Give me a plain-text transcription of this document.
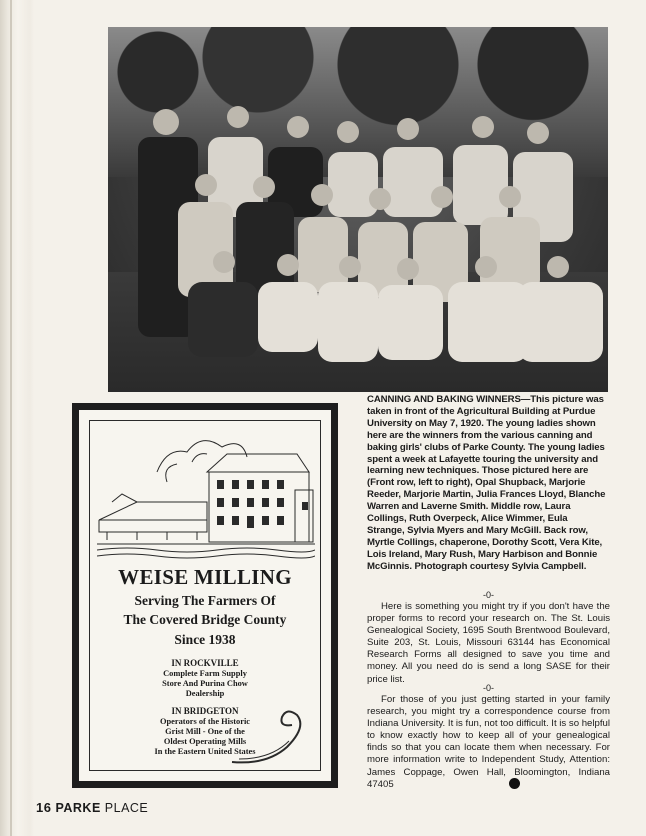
CANNING AND BAKING WINNERS—This picture was taken in front of the Agricultural Building at Purdue University on May 7, 1920. The young ladies shown here are the winners from the various canning and baking girls' clubs of Parke County. The young ladies spent a week at Lafayette touring the university and learning new techniques. Those pictured here are (Front row, left to right), Opal Shupback, Marjorie Reeder, Marjorie Martin, Julia Frances Lloyd, Blanche Warren and Laverne Smith. Middle row, Laura Collings, Ruth Overpeck, Alice Wimmer, Eula Strange, Sylvia Myers and Mary McGill. Back row, Myrtle Collings, chaperone, Dorothy Scott, Vera Kite, Lois Ireland, Mary Rush, Mary Harbison and Bonnie McGinnis. Photograph courtesy Sylvia Campbell.

WEISE MILLING

Serving The Farmers Of

The Covered Bridge County

Since 1938

IN ROCKVILLE

Complete Farm Supply

Store And Purina Chow

Dealership

IN BRIDGETON

Operators of the Historic

Grist Mill - One of the

Oldest Operating Mills

In the Eastern United States

-0-

Here is something you might try if you don't have the proper forms to record your research on. The St. Louis Genealogical Society, 1695 South Brentwood Boulevard, Suite 203, St. Louis, Missouri 63144 has Economical Research Forms all designed to save you time and money. All you need do is send a long SASE for their price list.

-0-

For those of you just getting started in your family research, you might try a correspondence course from Indiana University. It is fun, not too difficult. It is so helpful to know exactly how to keep all of your genealogical finds so that you can locate them when necessary. For more information write to Independent Study, Attention: James Coppage, Owen Hall, Bloomington, Indiana 47405

16 PARKE PLACE
